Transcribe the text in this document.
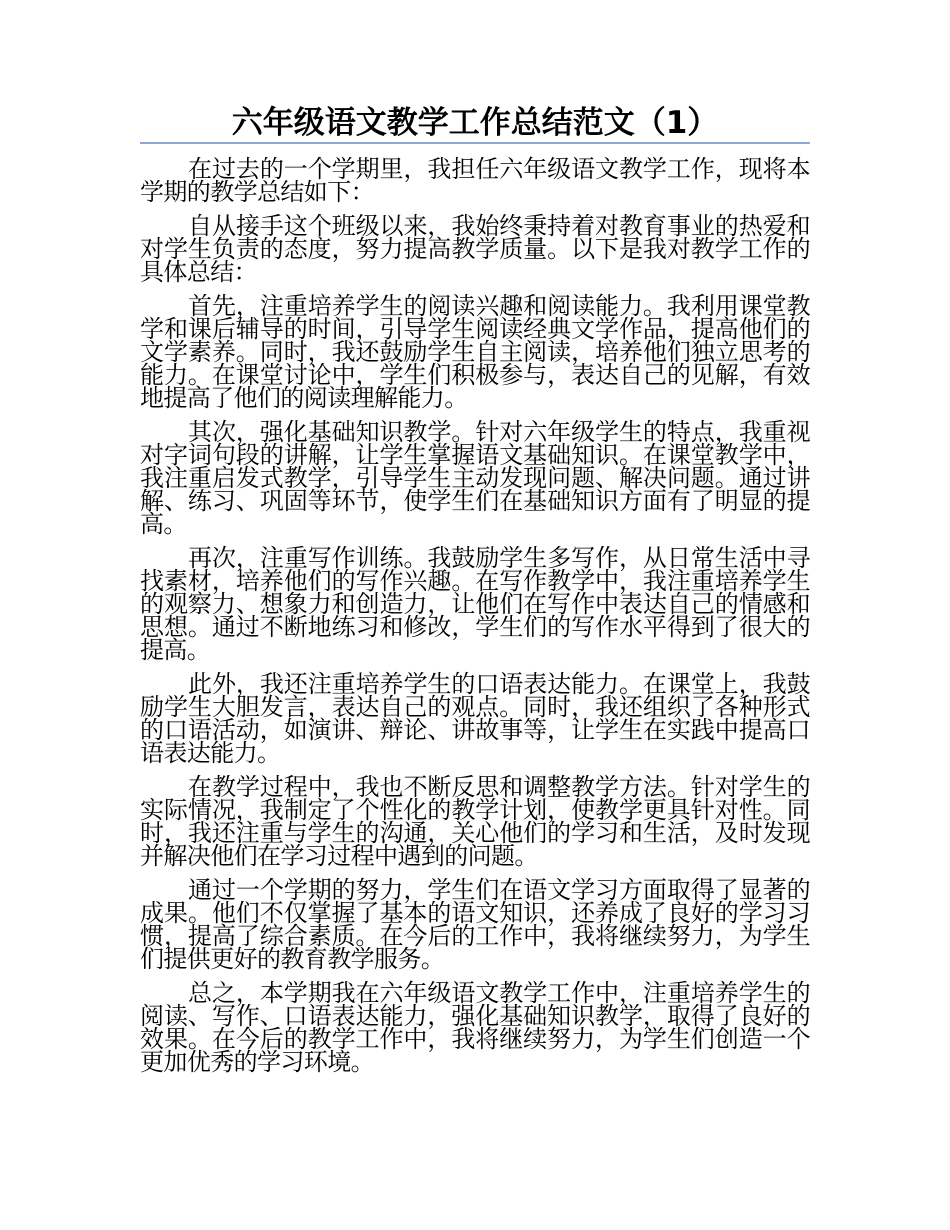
六年级语文教学工作总结范文（1）

在过去的一个学期里，我担任六年级语文教学工作，现将本学期的教学总结如下：

自从接手这个班级以来，我始终秉持着对教育事业的热爱和对学生负责的态度，努力提高教学质量。以下是我对教学工作的具体总结：

首先，注重培养学生的阅读兴趣和阅读能力。我利用课堂教学和课后辅导的时间，引导学生阅读经典文学作品，提高他们的文学素养。同时，我还鼓励学生自主阅读，培养他们独立思考的能力。在课堂讨论中，学生们积极参与，表达自己的见解，有效地提高了他们的阅读理解能力。

其次，强化基础知识教学。针对六年级学生的特点，我重视对字词句段的讲解，让学生掌握语文基础知识。在课堂教学中，我注重启发式教学，引导学生主动发现问题、解决问题。通过讲解、练习、巩固等环节，使学生们在基础知识方面有了明显的提高。

再次，注重写作训练。我鼓励学生多写作，从日常生活中寻找素材，培养他们的写作兴趣。在写作教学中，我注重培养学生的观察力、想象力和创造力，让他们在写作中表达自己的情感和思想。通过不断地练习和修改，学生们的写作水平得到了很大的提高。

此外，我还注重培养学生的口语表达能力。在课堂上，我鼓励学生大胆发言，表达自己的观点。同时，我还组织了各种形式的口语活动，如演讲、辩论、讲故事等，让学生在实践中提高口语表达能力。

在教学过程中，我也不断反思和调整教学方法。针对学生的实际情况，我制定了个性化的教学计划，使教学更具针对性。同时，我还注重与学生的沟通，关心他们的学习和生活，及时发现并解决他们在学习过程中遇到的问题。

通过一个学期的努力，学生们在语文学习方面取得了显著的成果。他们不仅掌握了基本的语文知识，还养成了良好的学习习惯，提高了综合素质。在今后的工作中，我将继续努力，为学生们提供更好的教育教学服务。

总之，本学期我在六年级语文教学工作中，注重培养学生的阅读、写作、口语表达能力，强化基础知识教学，取得了良好的效果。在今后的教学工作中，我将继续努力，为学生们创造一个更加优秀的学习环境。
